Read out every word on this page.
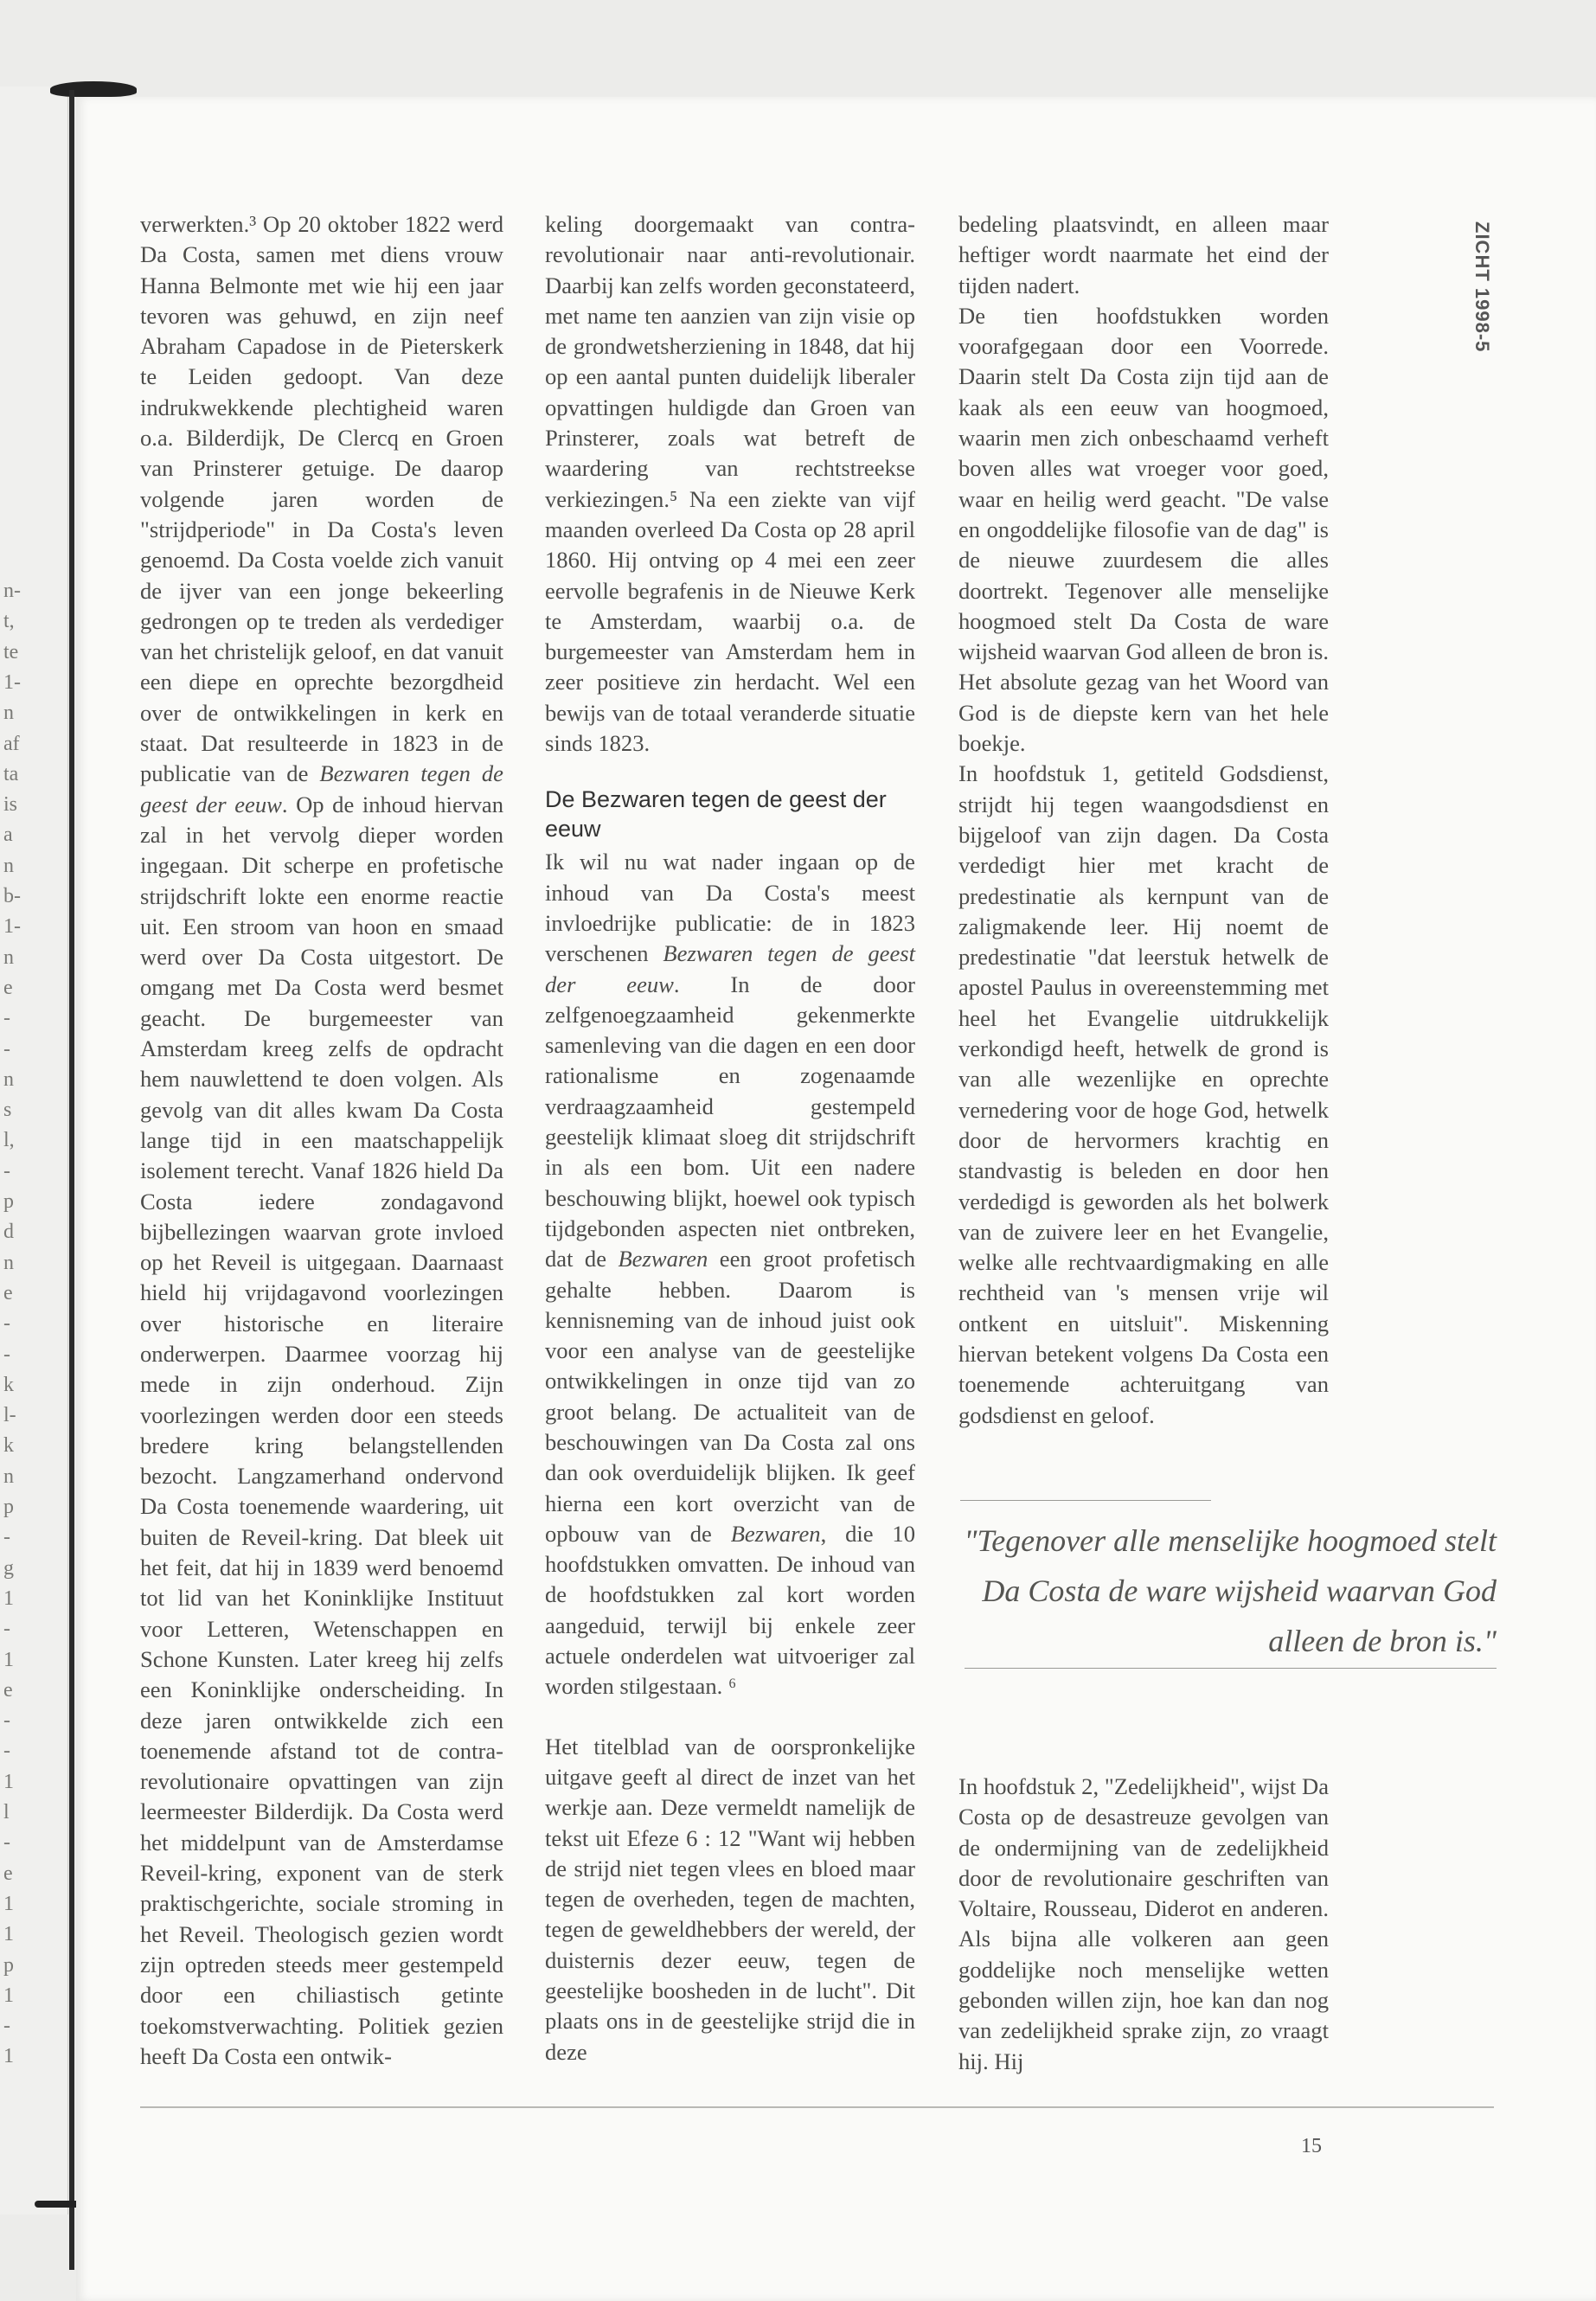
n-
t,
te
1-
n
af
ta
is
a
n
b-
1-
n
e
-
-
n
s
l,
-
p
d
n
e
-
-
k
l-
k
n
p
-
g
1
-
1
e
-
-
1
l
-
e
1
1
p
1
-
1
ZICHT 1998-5

verwerkten.³ Op 20 oktober 1822 werd Da Costa, samen met diens vrouw Hanna Belmonte met wie hij een jaar tevoren was gehuwd, en zijn neef Abraham Capadose in de Pieterskerk te Leiden gedoopt. Van deze indrukwekkende plechtigheid waren o.a. Bilderdijk, De Clercq en Groen van Prinsterer getuige. De daarop volgende jaren worden de "strijdperiode" in Da Costa's leven genoemd. Da Costa voelde zich vanuit de ijver van een jonge bekeerling gedrongen op te treden als verdediger van het christelijk geloof, en dat vanuit een diepe en oprechte bezorgdheid over de ontwikkelingen in kerk en staat. Dat resulteerde in 1823 in de publicatie van de Bezwaren tegen de geest der eeuw. Op de inhoud hiervan zal in het vervolg dieper worden ingegaan. Dit scherpe en profetische strijdschrift lokte een enorme reactie uit. Een stroom van hoon en smaad werd over Da Costa uitgestort. De omgang met Da Costa werd besmet geacht. De burgemeester van Amsterdam kreeg zelfs de opdracht hem nauwlettend te doen volgen. Als gevolg van dit alles kwam Da Costa lange tijd in een maatschappelijk isolement terecht. Vanaf 1826 hield Da Costa iedere zondagavond bijbellezingen waarvan grote invloed op het Reveil is uitgegaan. Daarnaast hield hij vrijdagavond voorlezingen over historische en literaire onderwerpen. Daarmee voorzag hij mede in zijn onderhoud. Zijn voorlezingen werden door een steeds bredere kring belangstellenden bezocht. Langzamerhand ondervond Da Costa toenemende waardering, uit buiten de Reveil-kring. Dat bleek uit het feit, dat hij in 1839 werd benoemd tot lid van het Koninklijke Instituut voor Letteren, Wetenschappen en Schone Kunsten. Later kreeg hij zelfs een Koninklijke onderscheiding. In deze jaren ontwikkelde zich een toenemende afstand tot de contra-revolutionaire opvattingen van zijn leermeester Bilderdijk. Da Costa werd het middelpunt van de Amsterdamse Reveil-kring, exponent van de sterk praktischgerichte, sociale stroming in het Reveil. Theologisch gezien wordt zijn optreden steeds meer gestempeld door een chiliastisch getinte toekomstverwachting. Politiek gezien heeft Da Costa een ontwik-

keling doorgemaakt van contra-revolutionair naar anti-revolutionair. Daarbij kan zelfs worden geconstateerd, met name ten aanzien van zijn visie op de grondwetsherziening in 1848, dat hij op een aantal punten duidelijk liberaler opvattingen huldigde dan Groen van Prinsterer, zoals wat betreft de waardering van rechtstreekse verkiezingen.⁵ Na een ziekte van vijf maanden overleed Da Costa op 28 april 1860. Hij ontving op 4 mei een zeer eervolle begrafenis in de Nieuwe Kerk te Amsterdam, waarbij o.a. de burgemeester van Amsterdam hem in zeer positieve zin herdacht. Wel een bewijs van de totaal veranderde situatie sinds 1823.

De Bezwaren tegen de geest der eeuw

Ik wil nu wat nader ingaan op de inhoud van Da Costa's meest invloedrijke publicatie: de in 1823 verschenen Bezwaren tegen de geest der eeuw. In de door zelfgenoegzaamheid gekenmerkte samenleving van die dagen en een door rationalisme en zogenaamde verdraagzaamheid gestempeld geestelijk klimaat sloeg dit strijdschrift in als een bom. Uit een nadere beschouwing blijkt, hoewel ook typisch tijdgebonden aspecten niet ontbreken, dat de Bezwaren een groot profetisch gehalte hebben. Daarom is kennisneming van de inhoud juist ook voor een analyse van de geestelijke ontwikkelingen in onze tijd van zo groot belang. De actualiteit van de beschouwingen van Da Costa zal ons dan ook overduidelijk blijken. Ik geef hierna een kort overzicht van de opbouw van de Bezwaren, die 10 hoofdstukken omvatten. De inhoud van de hoofdstukken zal kort worden aangeduid, terwijl bij enkele zeer actuele onderdelen wat uitvoeriger zal worden stilgestaan. ⁶

Het titelblad van de oorspronkelijke uitgave geeft al direct de inzet van het werkje aan. Deze vermeldt namelijk de tekst uit Efeze 6 : 12 "Want wij hebben de strijd niet tegen vlees en bloed maar tegen de overheden, tegen de machten, tegen de geweldhebbers der wereld, der duisternis dezer eeuw, tegen de geestelijke boosheden in de lucht". Dit plaats ons in de geestelijke strijd die in deze

bedeling plaatsvindt, en alleen maar heftiger wordt naarmate het eind der tijden nadert.

De tien hoofdstukken worden voorafgegaan door een Voorrede. Daarin stelt Da Costa zijn tijd aan de kaak als een eeuw van hoogmoed, waarin men zich onbeschaamd verheft boven alles wat vroeger voor goed, waar en heilig werd geacht. "De valse en ongoddelijke filosofie van de dag" is de nieuwe zuurdesem die alles doortrekt. Tegenover alle menselijke hoogmoed stelt Da Costa de ware wijsheid waarvan God alleen de bron is. Het absolute gezag van het Woord van God is de diepste kern van het hele boekje.

In hoofdstuk 1, getiteld Godsdienst, strijdt hij tegen waangodsdienst en bijgeloof van zijn dagen. Da Costa verdedigt hier met kracht de predestinatie als kernpunt van de zaligmakende leer. Hij noemt de predestinatie "dat leerstuk hetwelk de apostel Paulus in overeenstemming met heel het Evangelie uitdrukkelijk verkondigd heeft, hetwelk de grond is van alle wezenlijke en oprechte vernedering voor de hoge God, hetwelk door de hervormers krachtig en standvastig is beleden en door hen verdedigd is geworden als het bolwerk van de zuivere leer en het Evangelie, welke alle rechtvaardigmaking en alle rechtheid van 's mensen vrije wil ontkent en uitsluit". Miskenning hiervan betekent volgens Da Costa een toenemende achteruitgang van godsdienst en geloof.

"Tegenover alle menselijke hoogmoed stelt Da Costa de ware wijsheid waarvan God alleen de bron is."

In hoofdstuk 2, "Zedelijkheid", wijst Da Costa op de desastreuze gevolgen van de ondermijning van de zedelijkheid door de revolutionaire geschriften van Voltaire, Rousseau, Diderot en anderen. Als bijna alle volkeren aan geen goddelijke noch menselijke wetten gebonden willen zijn, hoe kan dan nog van zedelijkheid sprake zijn, zo vraagt hij. Hij

15
